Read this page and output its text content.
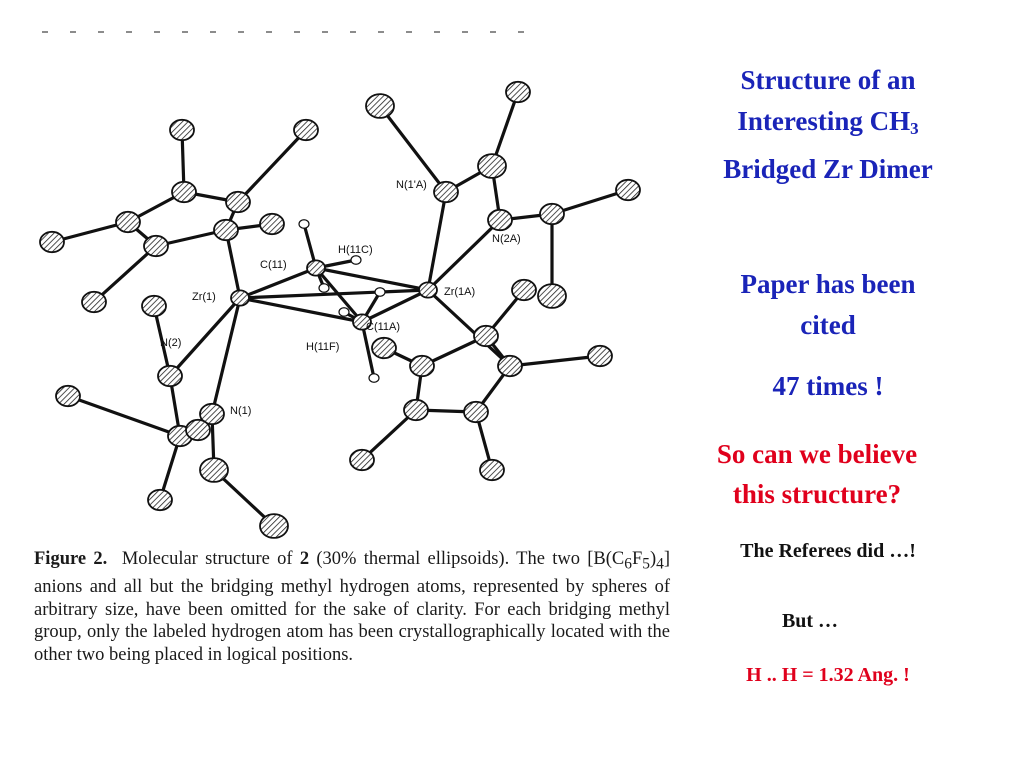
C(11)
H(11C)
Zr(1)	Zr(1A)
H(11F)
C(11A)
N(1'A)
N(2A)
N(2)
N(1)
Figure 2. Molecular structure of 2 (30% thermal ellipsoids). The two $[B(C_6F_5)_4]$ anions and all but the bridging methyl hydrogen atoms, represented by spheres of arbitrary size, have been omitted for the sake of clarity. For each bridging methyl group, only the labeled hydrogen atom has been crystallographically located with the other two being placed in logical positions.
Structure of an
Interesting $CH_3$
Bridged Zr Dimer
Paper has been
cited
47 times !
So can we believe
this structure?
The Referees did …!
But …
H .. H = 1.32 Ang. !
